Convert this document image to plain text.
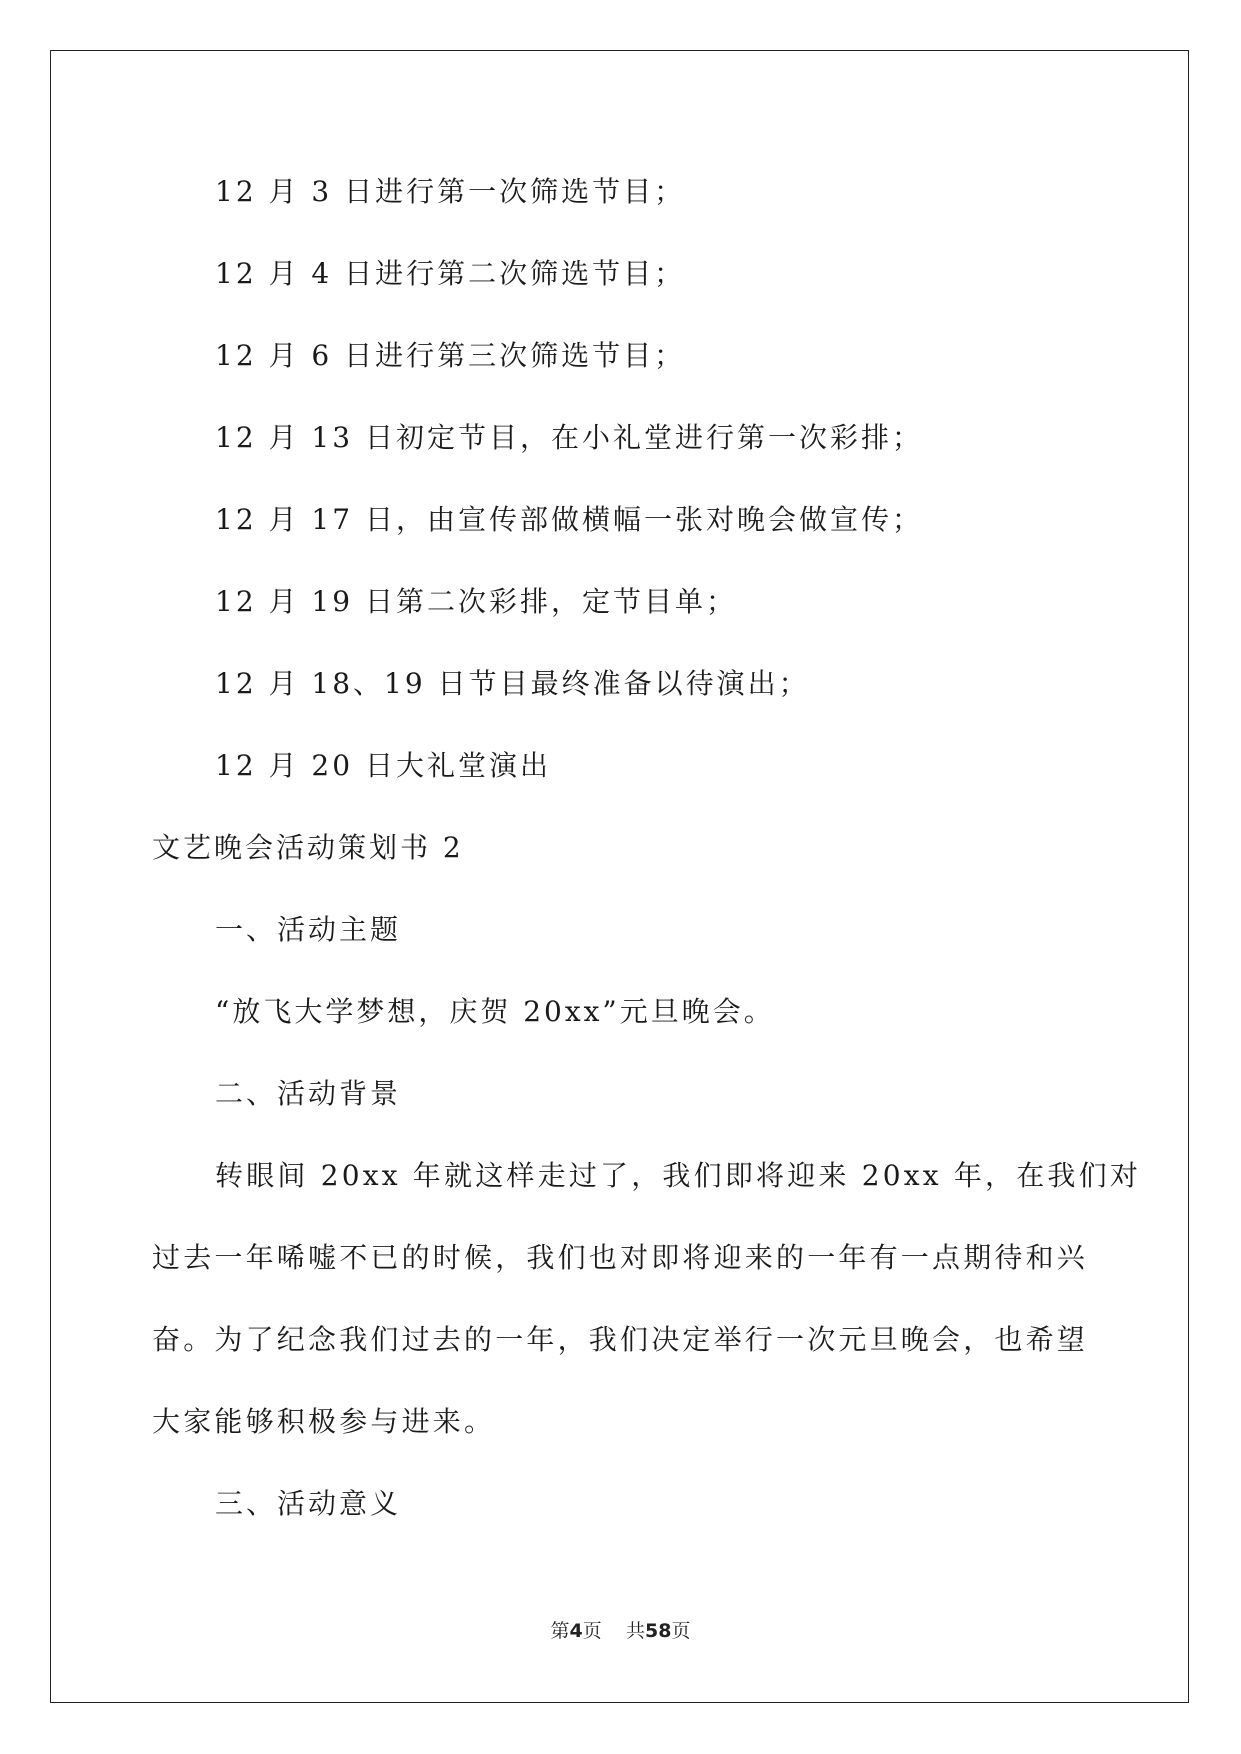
12 月 3 日进行第一次筛选节目；
12 月 4 日进行第二次筛选节目；
12 月 6 日进行第三次筛选节目；
12 月 13 日初定节目，在小礼堂进行第一次彩排；
12 月 17 日，由宣传部做横幅一张对晚会做宣传；
12 月 19 日第二次彩排，定节目单；
12 月 18、19 日节目最终准备以待演出；
12 月 20 日大礼堂演出
文艺晚会活动策划书 2
一、活动主题
“放飞大学梦想，庆贺 20xx”元旦晚会。
二、活动背景
转眼间 20xx 年就这样走过了，我们即将迎来 20xx 年，在我们对
过去一年唏嘘不已的时候，我们也对即将迎来的一年有一点期待和兴
奋。为了纪念我们过去的一年，我们决定举行一次元旦晚会，也希望
大家能够积极参与进来。
三、活动意义
第4页 共58页
